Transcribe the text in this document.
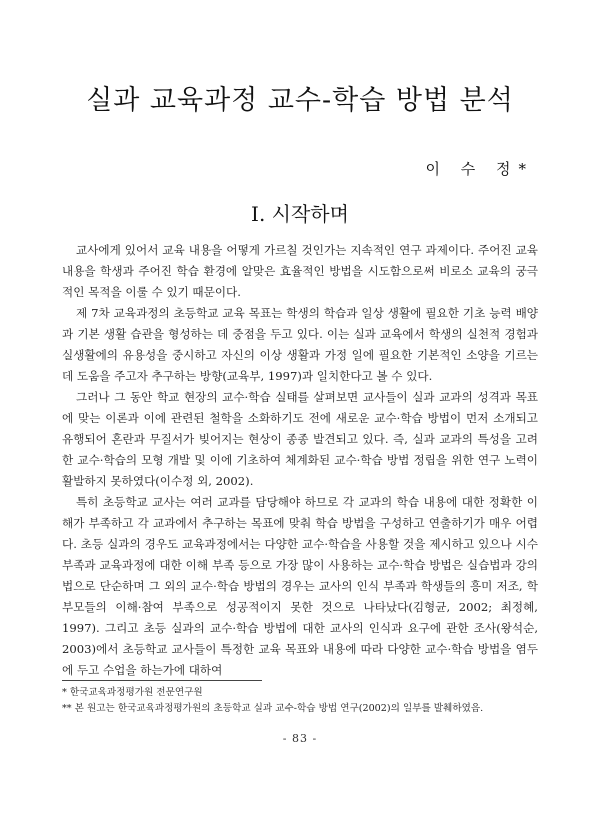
실과 교육과정 교수-학습 방법 분석
이 수 정*
I. 시작하며

교사에게 있어서 교육 내용을 어떻게 가르칠 것인가는 지속적인 연구 과제이다. 주어진 교육 내용을 학생과 주어진 학습 환경에 알맞은 효율적인 방법을 시도함으로써 비로소 교육의 궁극적인 목적을 이룰 수 있기 때문이다.

제 7차 교육과정의 초등학교 교육 목표는 학생의 학습과 일상 생활에 필요한 기초 능력 배양과 기본 생활 습관을 형성하는 데 중점을 두고 있다. 이는 실과 교육에서 학생의 실천적 경험과 실생활에의 유용성을 중시하고 자신의 이상 생활과 가정 일에 필요한 기본적인 소양을 기르는데 도움을 주고자 추구하는 방향(교육부, 1997)과 일치한다고 볼 수 있다.

그러나 그 동안 학교 현장의 교수·학습 실태를 살펴보면 교사들이 실과 교과의 성격과 목표에 맞는 이론과 이에 관련된 철학을 소화하기도 전에 새로운 교수·학습 방법이 먼저 소개되고 유행되어 혼란과 무질서가 빚어지는 현상이 종종 발견되고 있다. 즉, 실과 교과의 특성을 고려한 교수·학습의 모형 개발 및 이에 기초하여 체계화된 교수·학습 방법 정립을 위한 연구 노력이 활발하지 못하였다(이수정 외, 2002).

특히 초등학교 교사는 여러 교과를 담당해야 하므로 각 교과의 학습 내용에 대한 정확한 이해가 부족하고 각 교과에서 추구하는 목표에 맞춰 학습 방법을 구성하고 연출하기가 매우 어렵다. 초등 실과의 경우도 교육과정에서는 다양한 교수·학습을 사용할 것을 제시하고 있으나 시수 부족과 교육과정에 대한 이해 부족 등으로 가장 많이 사용하는 교수·학습 방법은 실습법과 강의법으로 단순하며 그 외의 교수·학습 방법의 경우는 교사의 인식 부족과 학생들의 흥미 저조, 학부모들의 이해·참여 부족으로 성공적이지 못한 것으로 나타났다(김형균, 2002; 최정혜, 1997). 그리고 초등 실과의 교수·학습 방법에 대한 교사의 인식과 요구에 관한 조사(왕석순, 2003)에서 초등학교 교사들이 특정한 교육 목표와 내용에 따라 다양한 교수·학습 방법을 염두에 두고 수업을 하는가에 대하여

* 한국교육과정평가원 전문연구원
** 본 원고는 한국교육과정평가원의 초등학교 실과 교수-학습 방법 연구(2002)의 일부를 발췌하였음.
- 83 -
